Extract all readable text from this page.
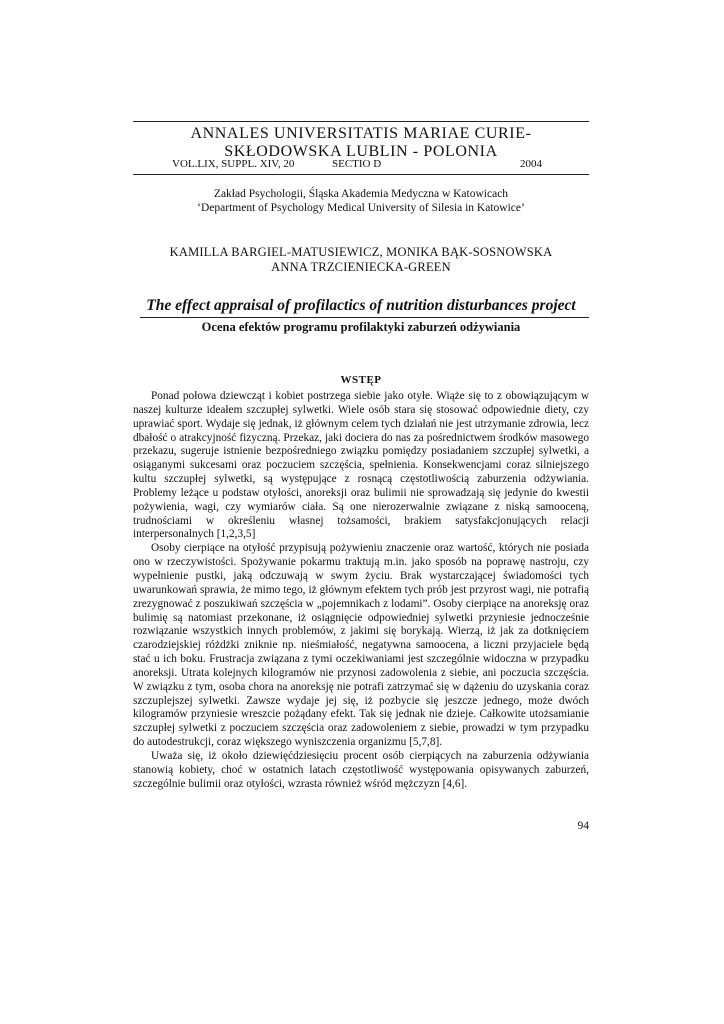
ANNALES UNIVERSITATIS MARIAE CURIE-
SKŁODOWSKA LUBLIN - POLONIA
VOL.LIX, SUPPL. XIV, 20	SECTIO D	2004
Zakład Psychologii, Śląska Akademia Medyczna w Katowicach
‘Department of Psychology Medical University of Silesia in Katowice’
KAMILLA BARGIEL-MATUSIEWICZ, MONIKA BĄK-SOSNOWSKA
ANNA TRZCIENIECKA-GREEN
The effect appraisal of profilactics of nutrition disturbances project
Ocena efektów programu profilaktyki zaburzeń odżywiania
WSTĘP

Ponad połowa dziewcząt i kobiet postrzega siebie jako otyłe. Wiąże się to z obowiązującym w naszej kulturze ideałem szczupłej sylwetki. Wiele osób stara się stosować odpowiednie diety, czy uprawiać sport. Wydaje się jednak, iż głównym celem tych działań nie jest utrzymanie zdrowia, lecz dbałość o atrakcyjność fizyczną. Przekaz, jaki dociera do nas za pośrednictwem środków masowego przekazu, sugeruje istnienie bezpośredniego związku pomiędzy posiadaniem szczupłej sylwetki, a osiąganymi sukcesami oraz poczuciem szczęścia, spełnienia. Konsekwencjami coraz silniejszego kultu szczupłej sylwetki, są występujące z rosnącą częstotliwością zaburzenia odżywiania. Problemy leżące u podstaw otyłości, anoreksji oraz bulimii nie sprowadzają się jedynie do kwestii pożywienia, wagi, czy wymiarów ciała. Są one nierozerwalnie związane z niską samooceną, trudnościami w określeniu własnej tożsamości, brakiem satysfakcjonujących relacji interpersonalnych [1,2,3,5]

Osoby cierpiące na otyłość przypisują pożywieniu znaczenie oraz wartość, których nie posiada ono w rzeczywistości. Spożywanie pokarmu traktują m.in. jako sposób na poprawę nastroju, czy wypełnienie pustki, jaką odczuwają w swym życiu. Brak wystarczającej świadomości tych uwarunkowań sprawia, że mimo tego, iż głównym efektem tych prób jest przyrost wagi, nie potrafią zrezygnować z poszukiwań szczęścia w „pojemnikach z lodami”. Osoby cierpiące na anoreksję oraz bulimię są natomiast przekonane, iż osiągnięcie odpowiedniej sylwetki przyniesie jednocześnie rozwiązanie wszystkich innych problemów, z jakimi się borykają. Wierzą, iż jak za dotknięciem czarodziejskiej różdżki zniknie np. nieśmiałość, negatywna samoocena, a liczni przyjaciele będą stać u ich boku. Frustracja związana z tymi oczekiwaniami jest szczególnie widoczna w przypadku anoreksji. Utrata kolejnych kilogramów nie przynosi zadowolenia z siebie, ani poczucia szczęścia. W związku z tym, osoba chora na anoreksję nie potrafi zatrzymać się w dążeniu do uzyskania coraz szczuplejszej sylwetki. Zawsze wydaje jej się, iż pozbycie się jeszcze jednego, może dwóch kilogramów przyniesie wreszcie pożądany efekt. Tak się jednak nie dzieje. Całkowite utożsamianie szczupłej sylwetki z poczuciem szczęścia oraz zadowoleniem z siebie, prowadzi w tym przypadku do autodestrukcji, coraz większego wyniszczenia organizmu [5,7,8].

Uważa się, iż około dziewięćdziesięciu procent osób cierpiących na zaburzenia odżywiania stanowią kobiety, choć w ostatnich latach częstotliwość występowania opisywanych zaburzeń, szczególnie bulimii oraz otyłości, wzrasta również wśród mężczyzn [4,6].

94
